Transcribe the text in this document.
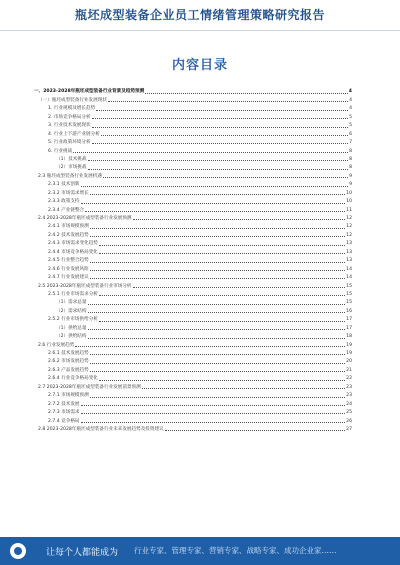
瓶坯成型装备企业员工情绪管理策略研究报告
内容目录
一、2023-2028年瓶坯成型装备行业背景及趋势预测	4
（一）瓶坯成型装备行业发展现状	4
1. 行业规模及增长趋势	4
2. 市场竞争格局分析	5
3. 行业技术发展现状	5
4. 行业上下游产业链分析	6
5. 行业政策环境分析	7
6. 行业挑战	8
（1）技术挑战	8
（2）市场挑战	8
2.3 瓶坯成型装备行业发展机遇	9
2.3.1 技术创新	9
2.3.2 市场需求增长	10
2.3.3 政策支持	10
2.3.4 产业链整合	11
2.4 2023-2028年瓶坯成型装备行业发展预测	12
2.4.1 市场规模预测	12
2.4.2 技术发展趋势	12
2.4.3 市场需求变化趋势	13
2.4.4 市场竞争格局变化	13
2.4.5 行业整合趋势	13
2.4.6 行业发展风险	14
2.4.7 行业发展建议	14
2.5 2023-2028年瓶坯成型装备行业市场分析	15
2.5.1 行业市场需求分析	15
（1）需求总量	15
（2）需求结构	16
2.5.2 行业市场供给分析	17
（1）供给总量	17
（2）供给结构	18
2.6 行业发展趋势	19
2.6.1 技术发展趋势	19
2.6.2 市场发展趋势	20
2.6.3 产品发展趋势	21
2.6.4 行业竞争格局变化	22
2.7 2023-2028年瓶坯成型装备行业发展前景预测	23
2.7.1 市场规模预测	23
2.7.2 技术发展	24
2.7.3 市场需求	25
2.7.4 竞争格局	26
2.8 2023-2028年瓶坯成型装备行业未来发展趋势及投资建议	27
让每个人都能成为 行业专家、管理专家、营销专家、战略专家、成功企业家……
